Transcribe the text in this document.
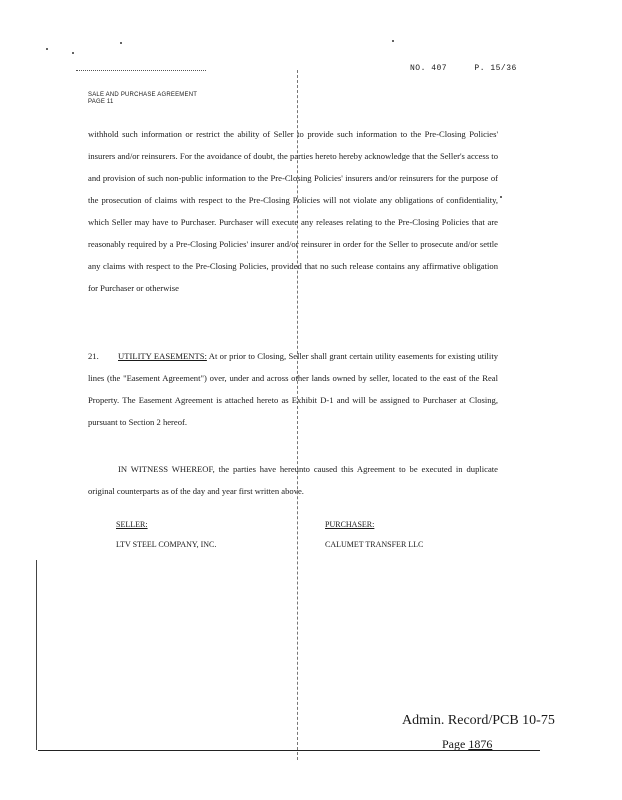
NO. 407	P. 15/36
SALE AND PURCHASE AGREEMENT
PAGE 11

withhold such information or restrict the ability of Seller to provide such information to the Pre-Closing Policies' insurers and/or reinsurers. For the avoidance of doubt, the parties hereto hereby acknowledge that the Seller's access to and provision of such non-public information to the Pre-Closing Policies' insurers and/or reinsurers for the purpose of the prosecution of claims with respect to the Pre-Closing Policies will not violate any obligations of confidentiality, which Seller may have to Purchaser. Purchaser will execute any releases relating to the Pre-Closing Policies that are reasonably required by a Pre-Closing Policies' insurer and/or reinsurer in order for the Seller to prosecute and/or settle any claims with respect to the Pre-Closing Policies, provided that no such release contains any affirmative obligation for Purchaser or otherwise

21. UTILITY EASEMENTS: At or prior to Closing, Seller shall grant certain utility easements for existing utility lines (the "Easement Agreement") over, under and across other lands owned by seller, located to the east of the Real Property. The Easement Agreement is attached hereto as Exhibit D-1 and will be assigned to Purchaser at Closing, pursuant to Section 2 hereof.

IN WITNESS WHEREOF, the parties have hereunto caused this Agreement to be executed in duplicate original counterparts as of the day and year first written above.

SELLER:
LTV STEEL COMPANY, INC.
PURCHASER:
CALUMET TRANSFER LLC
Admin. Record/PCB 10-75
Page 1876
